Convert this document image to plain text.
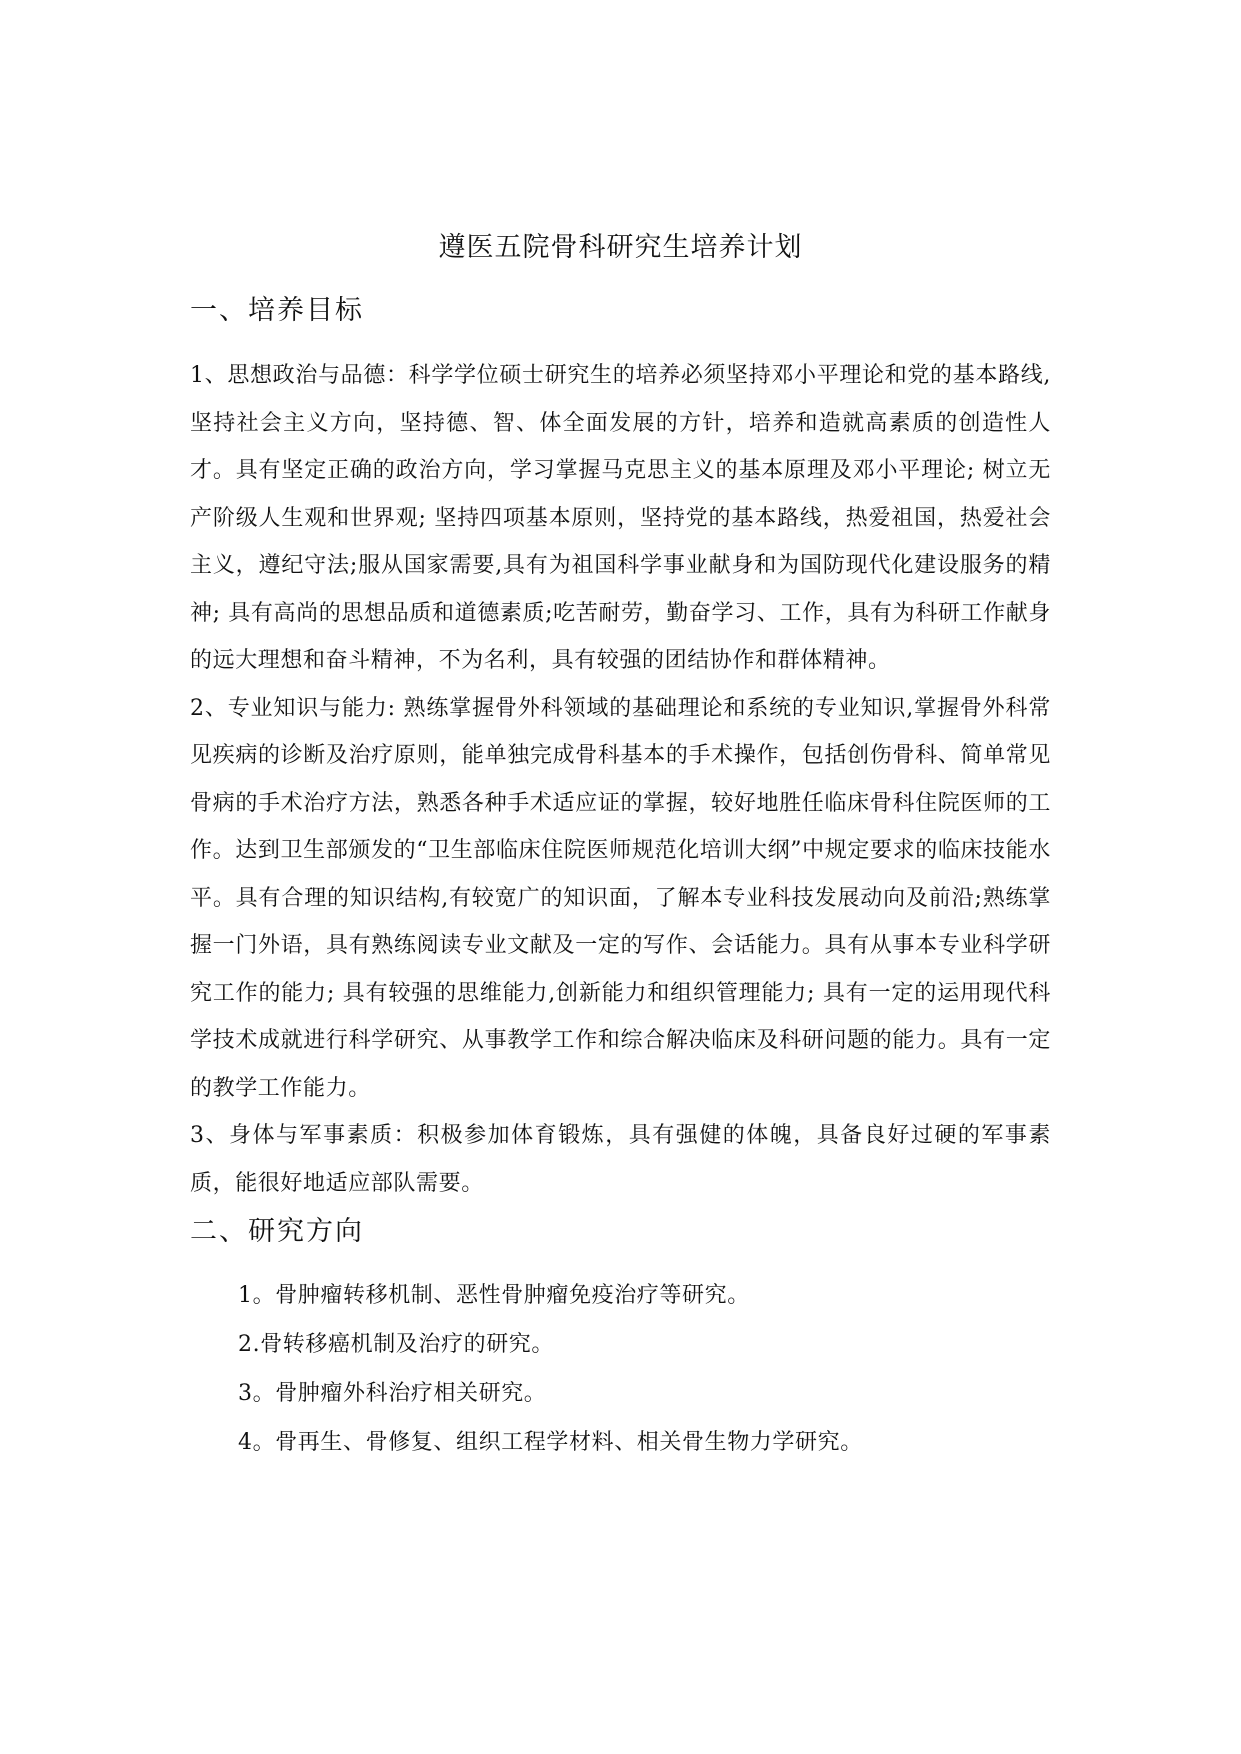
遵医五院骨科研究生培养计划
一、培养目标

1、思想政治与品德：科学学位硕士研究生的培养必须坚持邓小平理论和党的基本路线,坚持社会主义方向，坚持德、智、体全面发展的方针，培养和造就高素质的创造性人才。具有坚定正确的政治方向，学习掌握马克思主义的基本原理及邓小平理论; 树立无产阶级人生观和世界观; 坚持四项基本原则，坚持党的基本路线，热爱祖国，热爱社会主义，遵纪守法;服从国家需要,具有为祖国科学事业献身和为国防现代化建设服务的精神; 具有高尚的思想品质和道德素质;吃苦耐劳，勤奋学习、工作，具有为科研工作献身的远大理想和奋斗精神，不为名利，具有较强的团结协作和群体精神。

2、专业知识与能力: 熟练掌握骨外科领域的基础理论和系统的专业知识,掌握骨外科常见疾病的诊断及治疗原则，能单独完成骨科基本的手术操作，包括创伤骨科、简单常见骨病的手术治疗方法，熟悉各种手术适应证的掌握，较好地胜任临床骨科住院医师的工作。达到卫生部颁发的“卫生部临床住院医师规范化培训大纲”中规定要求的临床技能水平。具有合理的知识结构,有较宽广的知识面，了解本专业科技发展动向及前沿;熟练掌握一门外语，具有熟练阅读专业文献及一定的写作、会话能力。具有从事本专业科学研究工作的能力; 具有较强的思维能力,创新能力和组织管理能力; 具有一定的运用现代科学技术成就进行科学研究、从事教学工作和综合解决临床及科研问题的能力。具有一定的教学工作能力。

3、身体与军事素质：积极参加体育锻炼，具有强健的体魄，具备良好过硬的军事素质，能很好地适应部队需要。

二、研究方向

1。骨肿瘤转移机制、恶性骨肿瘤免疫治疗等研究。

2.骨转移癌机制及治疗的研究。

3。骨肿瘤外科治疗相关研究。

4。骨再生、骨修复、组织工程学材料、相关骨生物力学研究。
